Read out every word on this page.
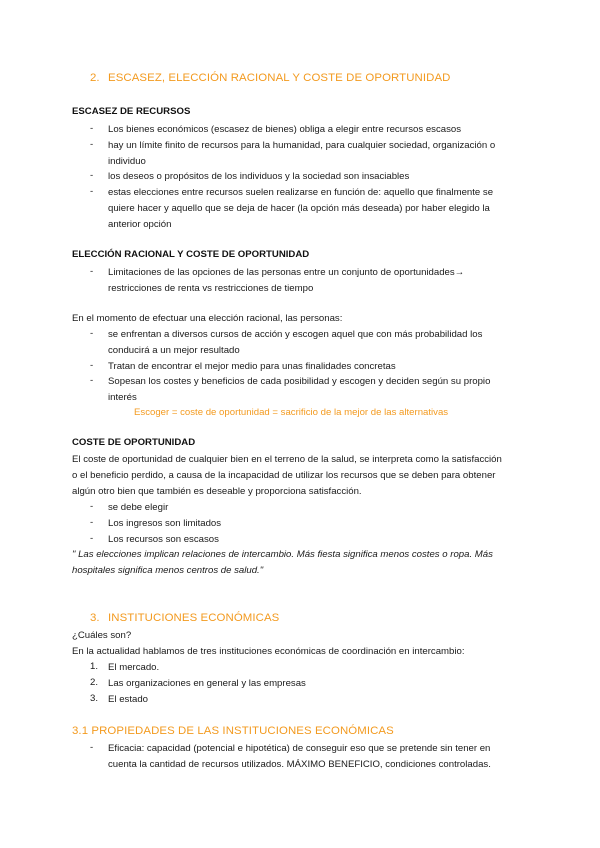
2. ESCASEZ, ELECCIÓN RACIONAL Y COSTE DE OPORTUNIDAD
ESCASEZ DE RECURSOS
- Los bienes económicos (escasez de bienes) obliga a elegir entre recursos escasos
- hay un límite finito de recursos para la humanidad, para cualquier sociedad, organización o
individuo
- los deseos o propósitos de los individuos y la sociedad son insaciables
- estas elecciones entre recursos suelen realizarse en función de: aquello que finalmente se
quiere hacer y aquello que se deja de hacer (la opción más deseada) por haber elegido la
anterior opción
ELECCIÓN RACIONAL Y COSTE DE OPORTUNIDAD
- Limitaciones de las opciones de las personas entre un conjunto de oportunidades→
restricciones de renta vs restricciones de tiempo
En el momento de efectuar una elección racional, las personas:
- se enfrentan a diversos cursos de acción y escogen aquel que con más probabilidad los
conducirá a un mejor resultado
- Tratan de encontrar el mejor medio para unas finalidades concretas
- Sopesan los costes y beneficios de cada posibilidad y escogen y deciden según su propio
interés
Escoger = coste de oportunidad = sacrificio de la mejor de las alternativas
COSTE DE OPORTUNIDAD
El coste de oportunidad de cualquier bien en el terreno de la salud, se interpreta como la satisfacción
o el beneficio perdido, a causa de la incapacidad de utilizar los recursos que se deben para obtener
algún otro bien que también es deseable y proporciona satisfacción.
- se debe elegir
- Los ingresos son limitados
- Los recursos son escasos
" Las elecciones implican relaciones de intercambio. Más fiesta significa menos costes o ropa. Más
hospitales significa menos centros de salud."
3. INSTITUCIONES ECONÓMICAS
¿Cuáles son?
En la actualidad hablamos de tres instituciones económicas de coordinación en intercambio:
1. El mercado.
2. Las organizaciones en general y las empresas
3. El estado
3.1 PROPIEDADES DE LAS INSTITUCIONES ECONÓMICAS
- Eficacia: capacidad (potencial e hipotética) de conseguir eso que se pretende sin tener en
cuenta la cantidad de recursos utilizados. MÁXIMO BENEFICIO, condiciones controladas.
